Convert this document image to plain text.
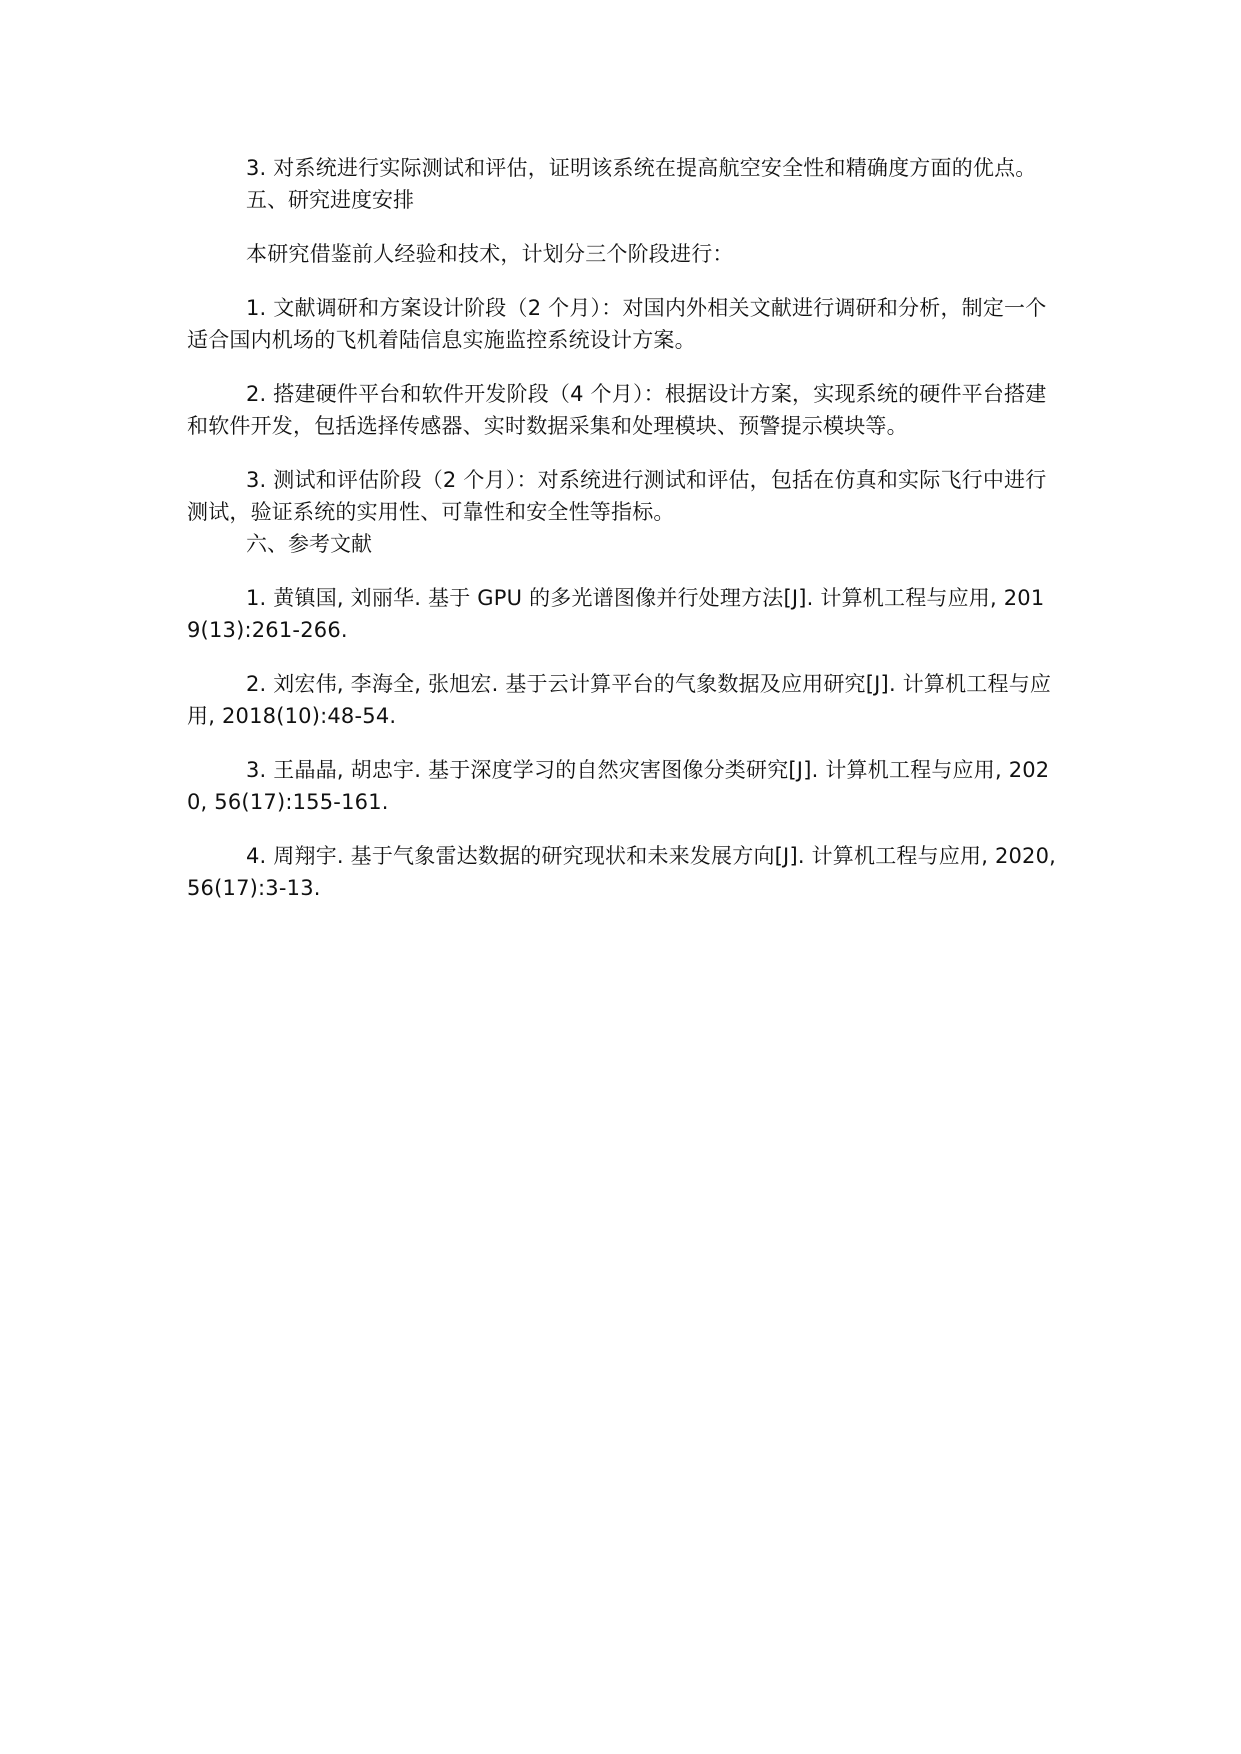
3. 对系统进行实际测试和评估，证明该系统在提高航空安全性和精确度方面的优点。

五、研究进度安排

本研究借鉴前人经验和技术，计划分三个阶段进行：

1. 文献调研和方案设计阶段（2 个月）：对国内外相关文献进行调研和分析，制定一个适合国内机场的飞机着陆信息实施监控系统设计方案。

2. 搭建硬件平台和软件开发阶段（4 个月）：根据设计方案，实现系统的硬件平台搭建和软件开发，包括选择传感器、实时数据采集和处理模块、预警提示模块等。

3. 测试和评估阶段（2 个月）：对系统进行测试和评估，包括在仿真和实际飞行中进行测试，验证系统的实用性、可靠性和安全性等指标。

六、参考文献

1. 黄镇国, 刘丽华. 基于 GPU 的多光谱图像并行处理方法[J]. 计算机工程与应用, 2019(13):261-266.

2. 刘宏伟, 李海全, 张旭宏. 基于云计算平台的气象数据及应用研究[J]. 计算机工程与应用, 2018(10):48-54.

3. 王晶晶, 胡忠宇. 基于深度学习的自然灾害图像分类研究[J]. 计算机工程与应用, 2020, 56(17):155-161.

4. 周翔宇. 基于气象雷达数据的研究现状和未来发展方向[J]. 计算机工程与应用, 2020, 56(17):3-13.
